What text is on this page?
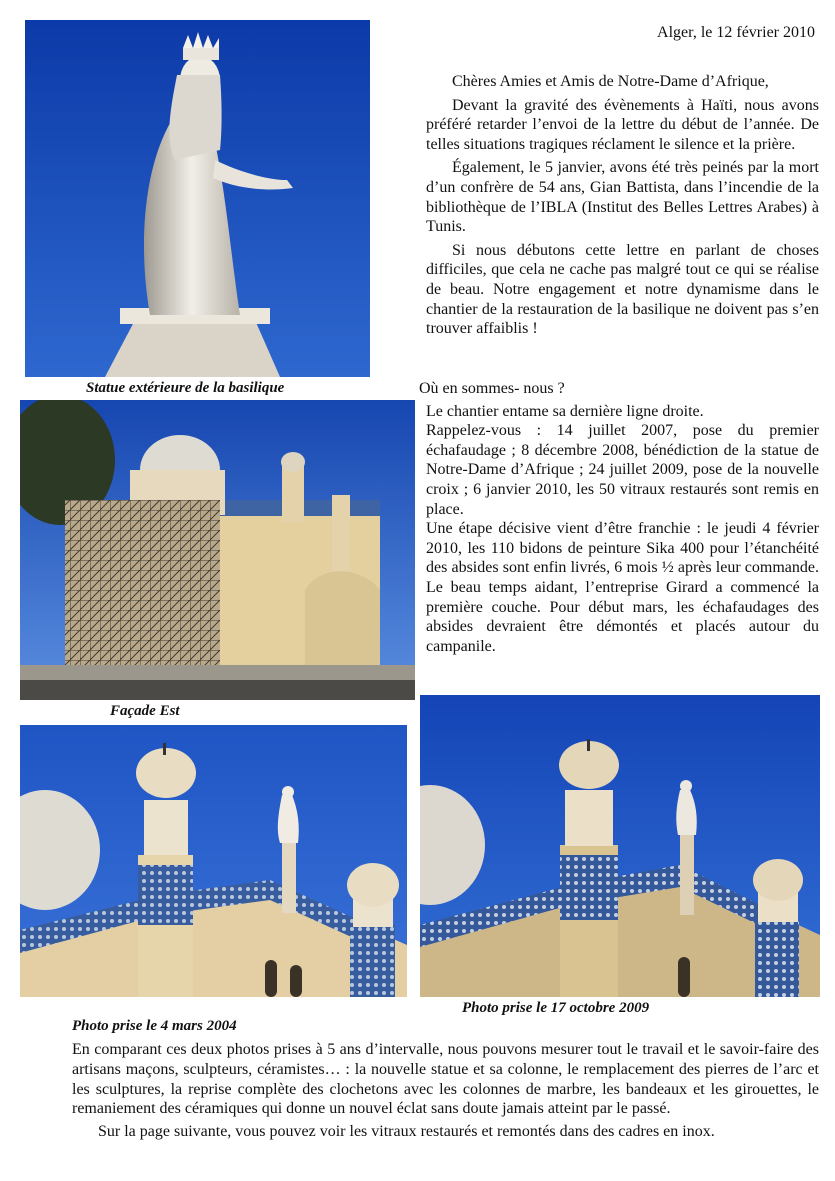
Statue extérieure de la basilique
Façade Est
Photo prise le 4 mars 2004
Photo prise le 17 octobre 2009
Alger, le 12 février 2010

Chères Amies et Amis de Notre-Dame d’Afrique,

Devant la gravité des évènements à Haïti, nous avons préféré retarder l’envoi de la lettre du début de l’année. De telles situations tragiques réclament le silence et la prière.

Également, le 5 janvier, avons été très peinés par la mort d’un confrère de 54 ans, Gian Battista, dans l’incendie de la bibliothèque de l’IBLA (Institut des Belles Lettres Arabes) à Tunis.

Si nous débutons cette lettre en parlant de choses difficiles, que cela ne cache pas malgré tout ce qui se réalise de beau. Notre engagement et notre dynamisme dans le chantier de la restauration de la basilique ne doivent pas s’en trouver affaiblis !

Où en sommes- nous ?

Le chantier entame sa dernière ligne droite.

Rappelez-vous : 14 juillet 2007, pose du premier échafaudage ; 8 décembre 2008, bénédiction de la statue de Notre-Dame d’Afrique ; 24 juillet 2009, pose de la nouvelle croix ; 6 janvier 2010, les 50 vitraux restaurés sont remis en place.

Une étape décisive vient d’être franchie : le jeudi 4 février 2010, les 110 bidons de peinture Sika 400 pour l’étanchéité des absides sont enfin livrés, 6 mois ½ après leur commande. Le beau temps aidant, l’entreprise Girard a commencé la première couche. Pour début mars, les échafaudages des absides devraient être démontés et placés autour du campanile.

En comparant ces deux photos prises à 5 ans d’intervalle, nous pouvons mesurer tout le travail et le savoir-faire des artisans maçons, sculpteurs, céramistes… : la nouvelle statue et sa colonne, le remplacement des pierres de l’arc et les sculptures, la reprise complète des clochetons avec les colonnes de marbre, les bandeaux et les girouettes, le remaniement des céramiques qui donne un nouvel éclat sans doute jamais atteint par le passé.

Sur la page suivante, vous pouvez voir les vitraux restaurés et remontés dans des cadres en inox.
